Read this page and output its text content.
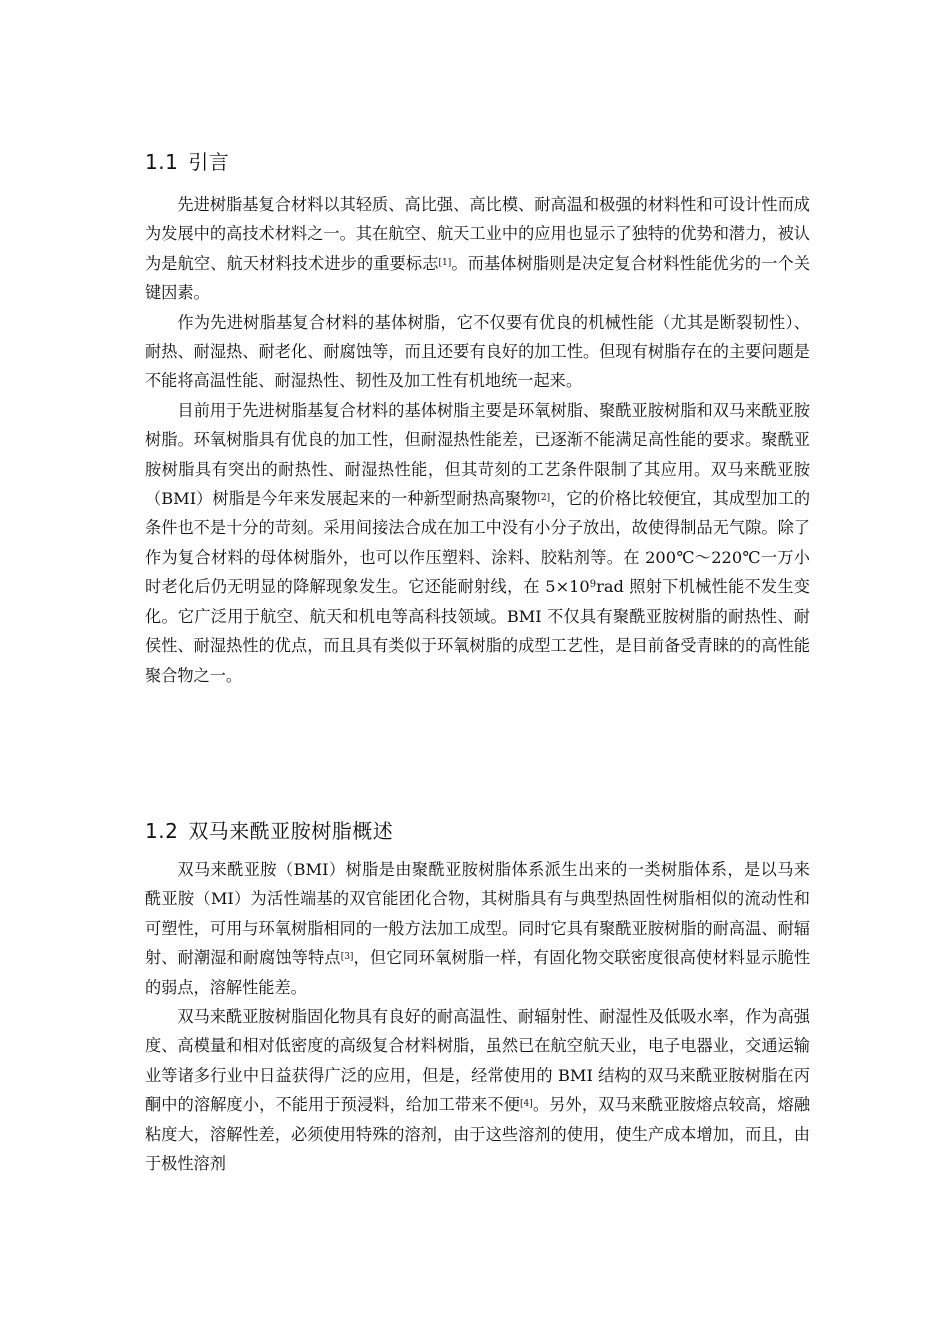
1.1 引言

先进树脂基复合材料以其轻质、高比强、高比模、耐高温和极强的材料性和可设计性而成为发展中的高技术材料之一。其在航空、航天工业中的应用也显示了独特的优势和潜力，被认为是航空、航天材料技术进步的重要标志[1]。而基体树脂则是决定复合材料性能优劣的一个关键因素。

作为先进树脂基复合材料的基体树脂，它不仅要有优良的机械性能（尤其是断裂韧性）、耐热、耐湿热、耐老化、耐腐蚀等，而且还要有良好的加工性。但现有树脂存在的主要问题是不能将高温性能、耐湿热性、韧性及加工性有机地统一起来。

目前用于先进树脂基复合材料的基体树脂主要是环氧树脂、聚酰亚胺树脂和双马来酰亚胺树脂。环氧树脂具有优良的加工性，但耐湿热性能差，已逐渐不能满足高性能的要求。聚酰亚胺树脂具有突出的耐热性、耐湿热性能，但其苛刻的工艺条件限制了其应用。双马来酰亚胺（BMI）树脂是今年来发展起来的一种新型耐热高聚物[2]，它的价格比较便宜，其成型加工的条件也不是十分的苛刻。采用间接法合成在加工中没有小分子放出，故使得制品无气隙。除了作为复合材料的母体树脂外，也可以作压塑料、涂料、胶粘剂等。在 200℃～220℃一万小时老化后仍无明显的降解现象发生。它还能耐射线，在 $5\times 10^9rad$ 照射下机械性能不发生变化。它广泛用于航空、航天和机电等高科技领域。BMI 不仅具有聚酰亚胺树脂的耐热性、耐侯性、耐湿热性的优点，而且具有类似于环氧树脂的成型工艺性，是目前备受青睐的的高性能聚合物之一。

1.2 双马来酰亚胺树脂概述

双马来酰亚胺（BMI）树脂是由聚酰亚胺树脂体系派生出来的一类树脂体系，是以马来酰亚胺（MI）为活性端基的双官能团化合物，其树脂具有与典型热固性树脂相似的流动性和可塑性，可用与环氧树脂相同的一般方法加工成型。同时它具有聚酰亚胺树脂的耐高温、耐辐射、耐潮湿和耐腐蚀等特点[3]，但它同环氧树脂一样，有固化物交联密度很高使材料显示脆性的弱点，溶解性能差。

双马来酰亚胺树脂固化物具有良好的耐高温性、耐辐射性、耐湿性及低吸水率，作为高强度、高模量和相对低密度的高级复合材料树脂，虽然已在航空航天业，电子电器业，交通运输业等诸多行业中日益获得广泛的应用，但是，经常使用的 BMI 结构的双马来酰亚胺树脂在丙酮中的溶解度小，不能用于预浸料，给加工带来不便[4]。另外，双马来酰亚胺熔点较高，熔融粘度大，溶解性差，必须使用特殊的溶剂，由于这些溶剂的使用，使生产成本增加，而且，由于极性溶剂
